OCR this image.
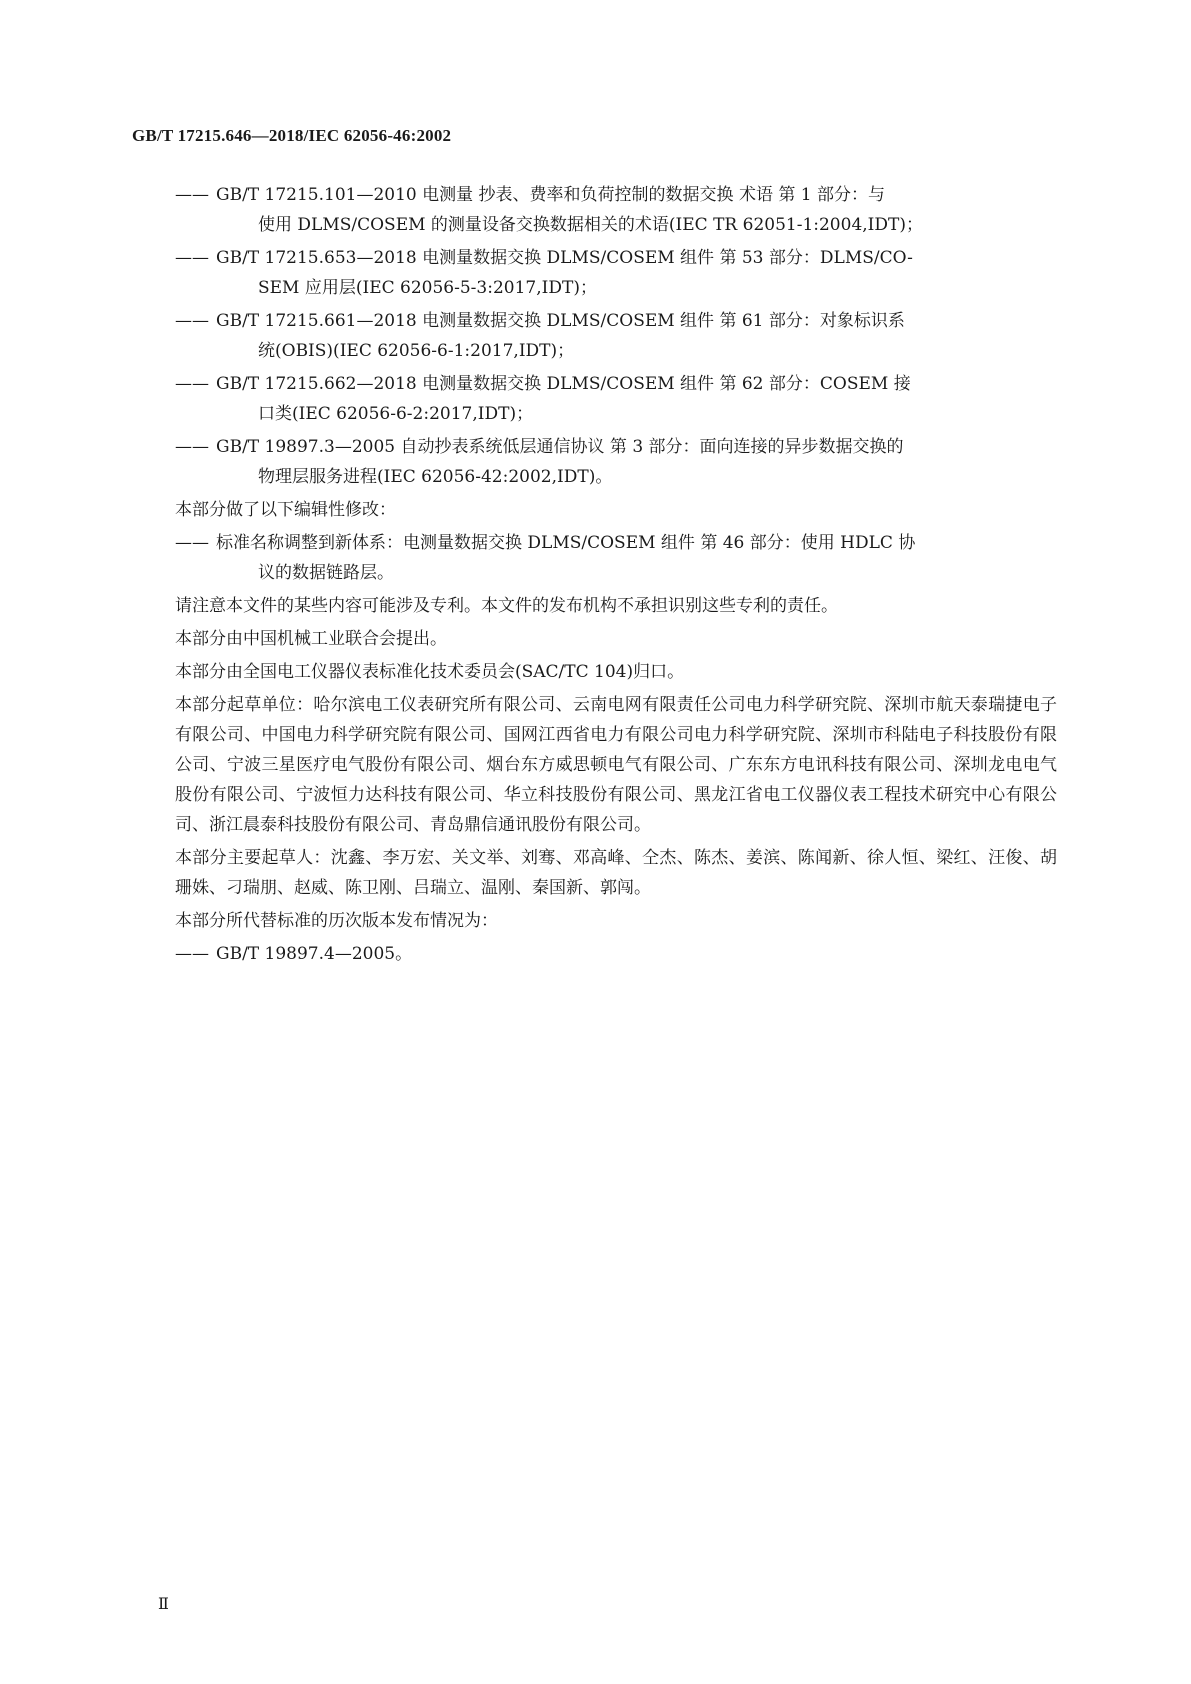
GB/T 17215.646—2018/IEC 62056-46:2002
—— GB/T 17215.101—2010 电测量 抄表、费率和负荷控制的数据交换 术语 第 1 部分：与
使用 DLMS/COSEM 的测量设备交换数据相关的术语(IEC TR 62051-1:2004,IDT)；
—— GB/T 17215.653—2018 电测量数据交换 DLMS/COSEM 组件 第 53 部分：DLMS/CO-
SEM 应用层(IEC 62056-5-3:2017,IDT)；
—— GB/T 17215.661—2018 电测量数据交换 DLMS/COSEM 组件 第 61 部分：对象标识系
统(OBIS)(IEC 62056-6-1:2017,IDT)；
—— GB/T 17215.662—2018 电测量数据交换 DLMS/COSEM 组件 第 62 部分：COSEM 接
口类(IEC 62056-6-2:2017,IDT)；
—— GB/T 19897.3—2005 自动抄表系统低层通信协议 第 3 部分：面向连接的异步数据交换的
物理层服务进程(IEC 62056-42:2002,IDT)。
本部分做了以下编辑性修改：
—— 标准名称调整到新体系：电测量数据交换 DLMS/COSEM 组件 第 46 部分：使用 HDLC 协
议的数据链路层。
请注意本文件的某些内容可能涉及专利。本文件的发布机构不承担识别这些专利的责任。
本部分由中国机械工业联合会提出。
本部分由全国电工仪器仪表标准化技术委员会(SAC/TC 104)归口。
本部分起草单位：哈尔滨电工仪表研究所有限公司、云南电网有限责任公司电力科学研究院、深圳市航天泰瑞捷电子有限公司、中国电力科学研究院有限公司、国网江西省电力有限公司电力科学研究院、深圳市科陆电子科技股份有限公司、宁波三星医疗电气股份有限公司、烟台东方威思顿电气有限公司、广东东方电讯科技有限公司、深圳龙电电气股份有限公司、宁波恒力达科技有限公司、华立科技股份有限公司、黑龙江省电工仪器仪表工程技术研究中心有限公司、浙江晨泰科技股份有限公司、青岛鼎信通讯股份有限公司。
本部分主要起草人：沈鑫、李万宏、关文举、刘骞、邓高峰、仝杰、陈杰、姜滨、陈闻新、徐人恒、梁红、汪俊、胡珊姝、刁瑞朋、赵威、陈卫刚、吕瑞立、温刚、秦国新、郭闯。
本部分所代替标准的历次版本发布情况为：
—— GB/T 19897.4—2005。
Ⅱ
